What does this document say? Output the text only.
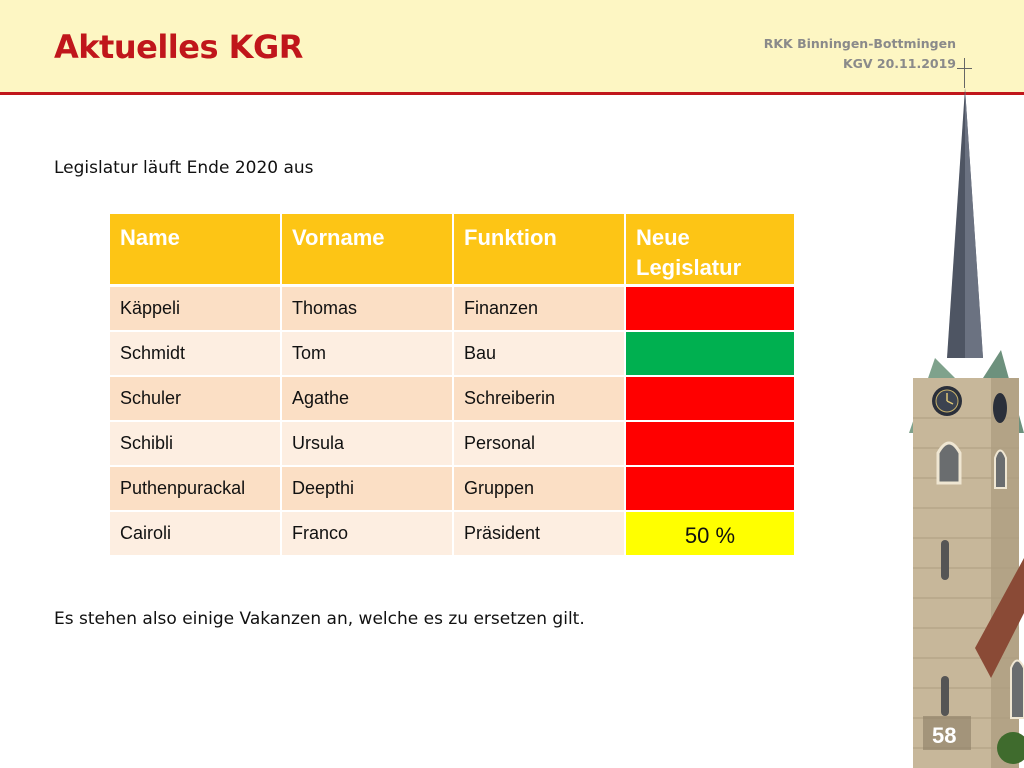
Aktuelles KGR	RKK Binningen-Bottmingen
KGV 20.11.2019
Legislatur läuft Ende 2020 aus
Name	Vorname	Funktion	Neue Legislatur
Käppeli	Thomas	Finanzen	
Schmidt	Tom	Bau	
Schuler	Agathe	Schreiberin	
Schibli	Ursula	Personal	
Puthenpurackal	Deepthi	Gruppen	
Cairoli	Franco	Präsident	50 %
Es stehen also einige Vakanzen an, welche es zu ersetzen gilt.
58
